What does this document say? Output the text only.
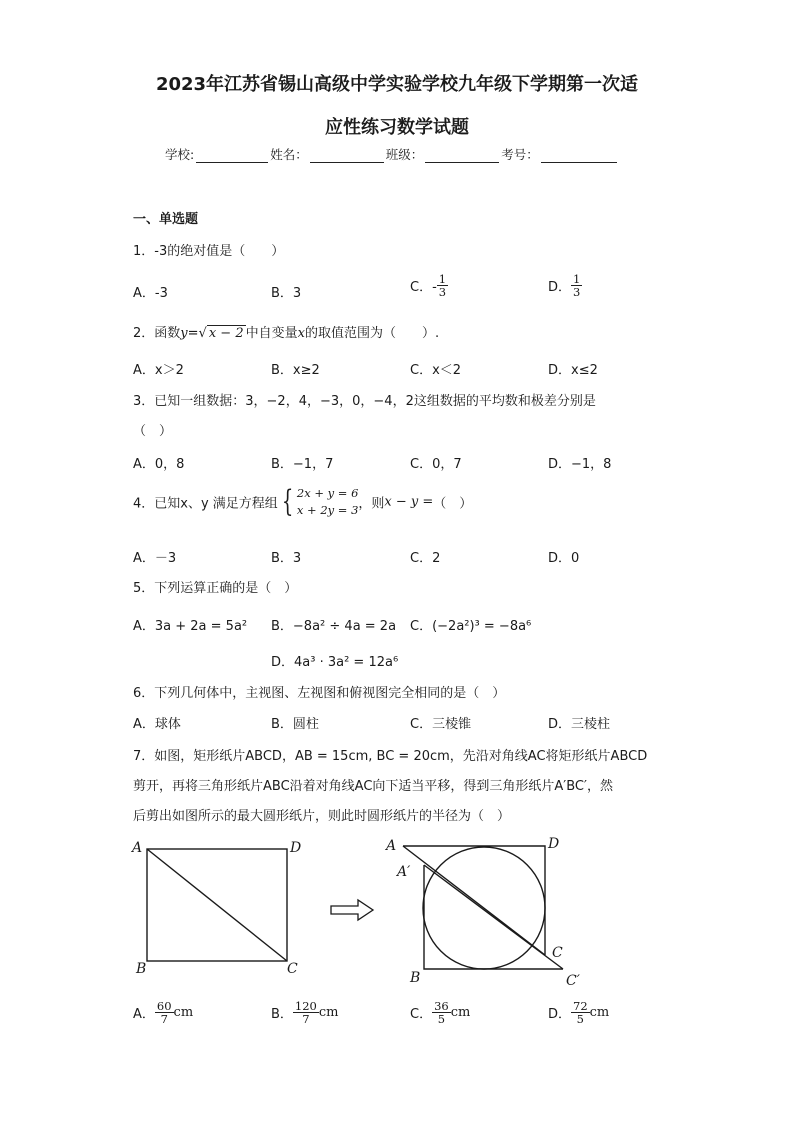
2023年江苏省锡山高级中学实验学校九年级下学期第一次适
应性练习数学试题
学校:	姓名：	班级：	考号：
一、单选题
1．-3的绝对值是（　　）
A．-3	B．3	C．- $\frac{1}{3}$	D． $\frac{1}{3}$
2．函数y=√ x − 2 中自变量x的取值范围为（　　）.
A．x＞2	B．x≥2	C．x＜2	D．x≤2
3．已知一组数据：3，−2，4，−3，0，−4，2这组数据的平均数和极差分别是
（　）
A．0，8	B．−1，7	C．0，7	D．−1，8
4．已知x、y 满足方程组 { 2x + y = 6
x + 2y = 3 ，则x − y =（　）
A．－3	B．3	C．2	D．0
5．下列运算正确的是（　）
A．3a + 2a = 5a² B．−8a² ÷ 4a = 2a C．(−2a²)³ = −8a⁶
D．4a³ · 3a² = 12a⁶
6．下列几何体中，主视图、左视图和俯视图完全相同的是（　）
A．球体	B．圆柱	C．三棱锥	D．三棱柱
7．如图，矩形纸片ABCD，AB = 15cm, BC = 20cm，先沿对角线AC将矩形纸片ABCD
剪开，再将三角形纸片ABC沿着对角线AC向下适当平移，得到三角形纸片A′BC′，然
后剪出如图所示的最大圆形纸片，则此时圆形纸片的半径为（　）
A	D
B	C
A
A′
D
B
C
C′
A． $\frac{60}{7}$ cm	B． $\frac{120}{7}$ cm	C． $\frac{36}{5}$ cm	D． $\frac{72}{5}$ cm
